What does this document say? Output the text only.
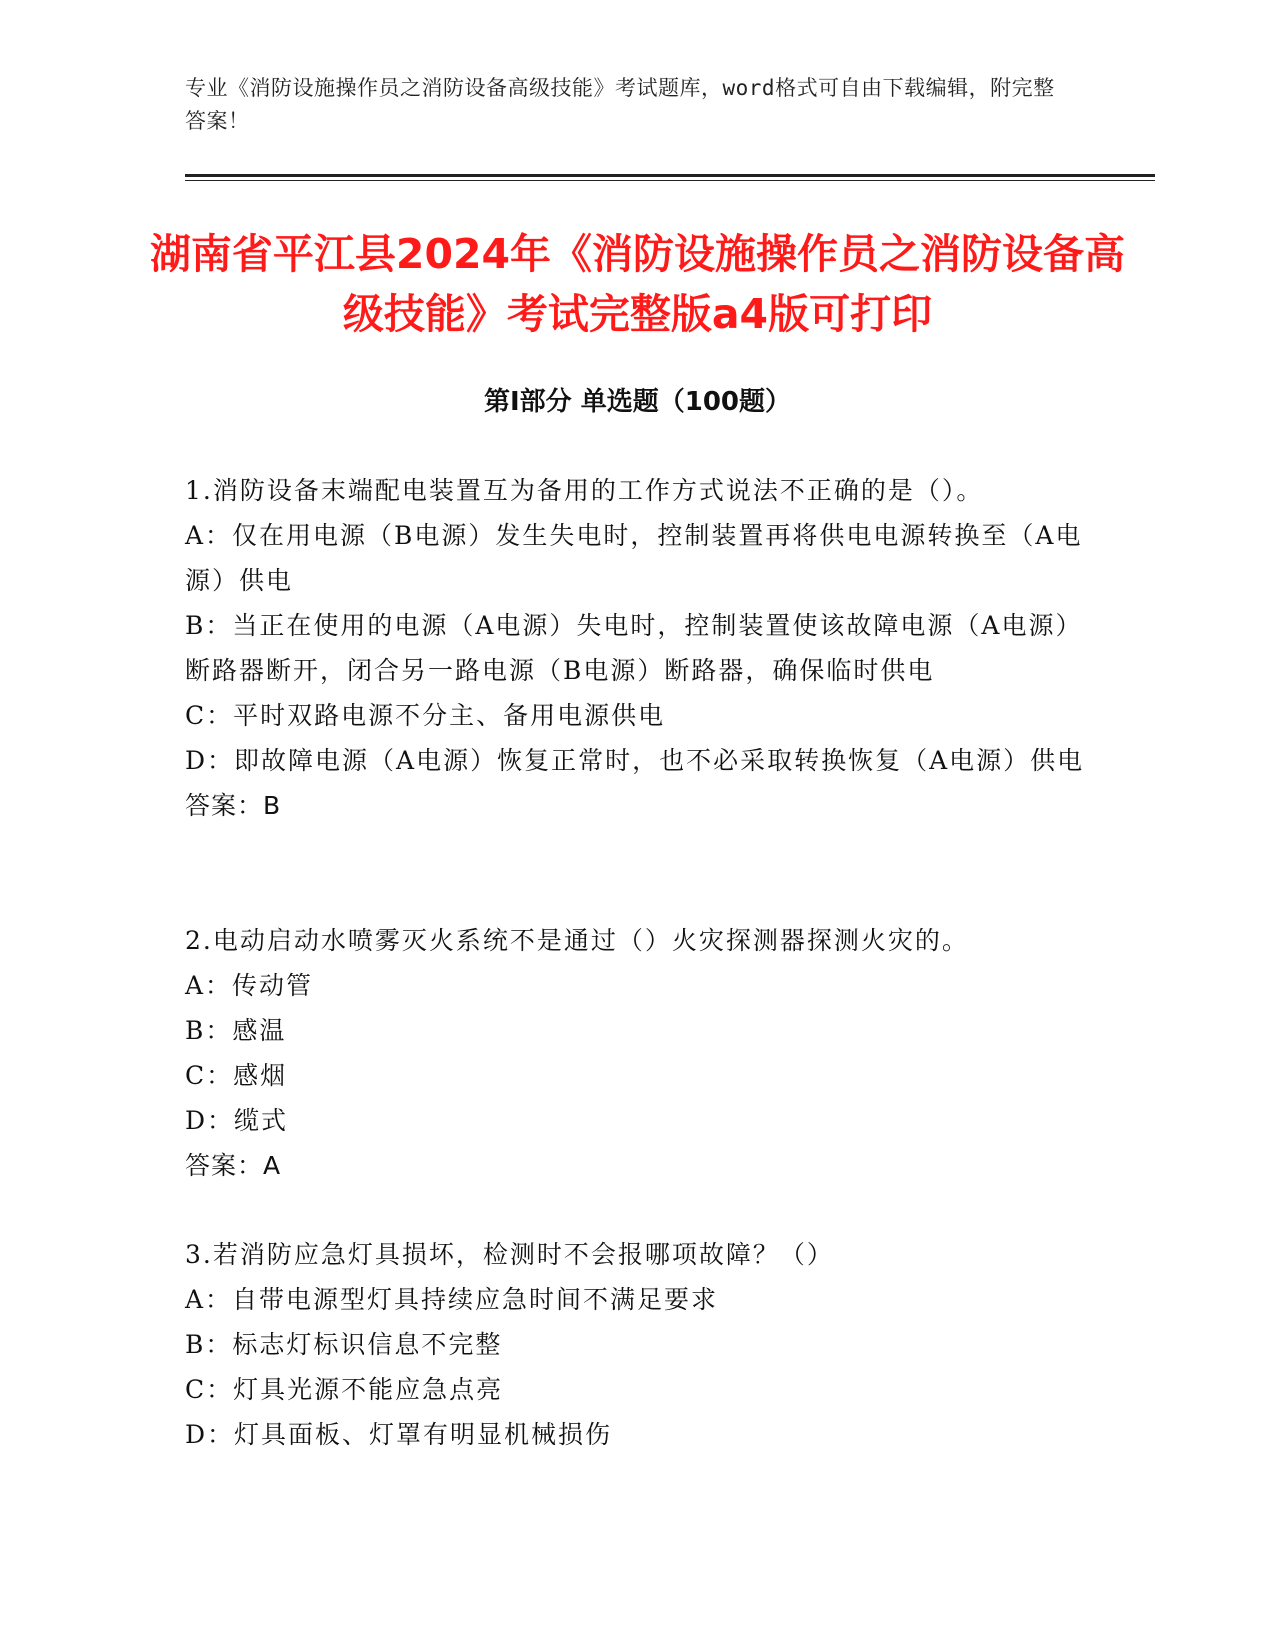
专业《消防设施操作员之消防设备高级技能》考试题库，word格式可自由下载编辑，附完整答案！
湖南省平江县2024年《消防设施操作员之消防设备高级技能》考试完整版a4版可打印
第Ⅰ部分 单选题（100题）
1.消防设备末端配电装置互为备用的工作方式说法不正确的是（）。
A：仅在用电源（B电源）发生失电时，控制装置再将供电电源转换至（A电源）供电
B：当正在使用的电源（A电源）失电时，控制装置使该故障电源（A电源）断路器断开，闭合另一路电源（B电源）断路器，确保临时供电
C：平时双路电源不分主、备用电源供电
D：即故障电源（A电源）恢复正常时，也不必采取转换恢复（A电源）供电
答案：B
2.电动启动水喷雾灭火系统不是通过（）火灾探测器探测火灾的。
A：传动管
B：感温
C：感烟
D：缆式
答案：A
3.若消防应急灯具损坏，检测时不会报哪项故障？（）
A：自带电源型灯具持续应急时间不满足要求
B：标志灯标识信息不完整
C：灯具光源不能应急点亮
D：灯具面板、灯罩有明显机械损伤
